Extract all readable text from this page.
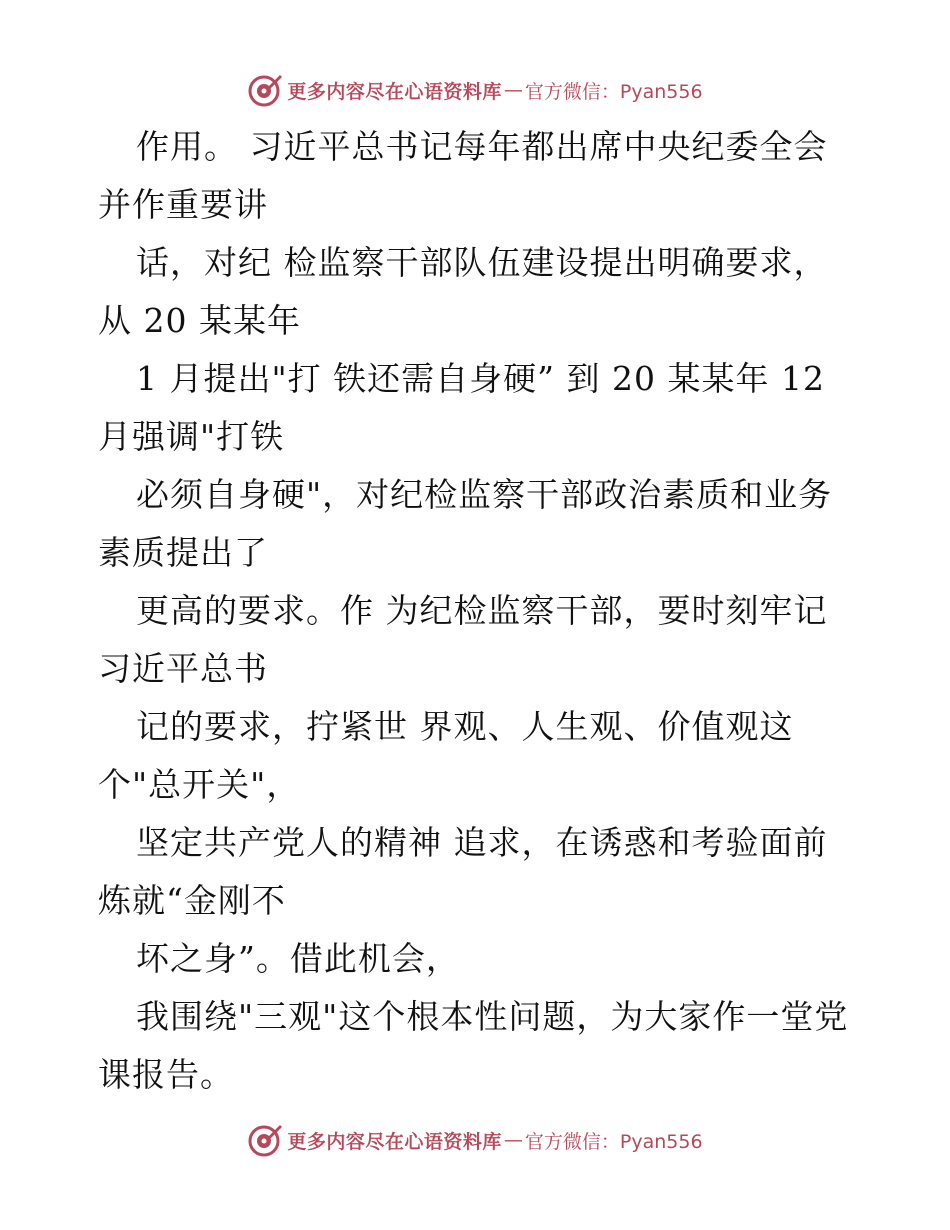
更多内容尽在心语资料库 — 官方微信：Pyan556
作用。 习近平总书记每年都出席中央纪委全会
并作重要讲
话，对纪 检监察干部队伍建设提出明确要求，
从 20 某某年
1 月提出"打 铁还需自身硬” 到 20 某某年 12
月强调"打铁
必须自身硬"，对纪检监察干部政治素质和业务
素质提出了
更高的要求。作 为纪检监察干部，要时刻牢记
习近平总书
记的要求，拧紧世 界观、人生观、价值观这
个"总开关"，
坚定共产党人的精神 追求，在诱惑和考验面前
炼就“金刚不
坏之身”。借此机会，
我围绕"三观"这个根本性问题，为大家作一堂党
课报告。
更多内容尽在心语资料库 — 官方微信：Pyan556
